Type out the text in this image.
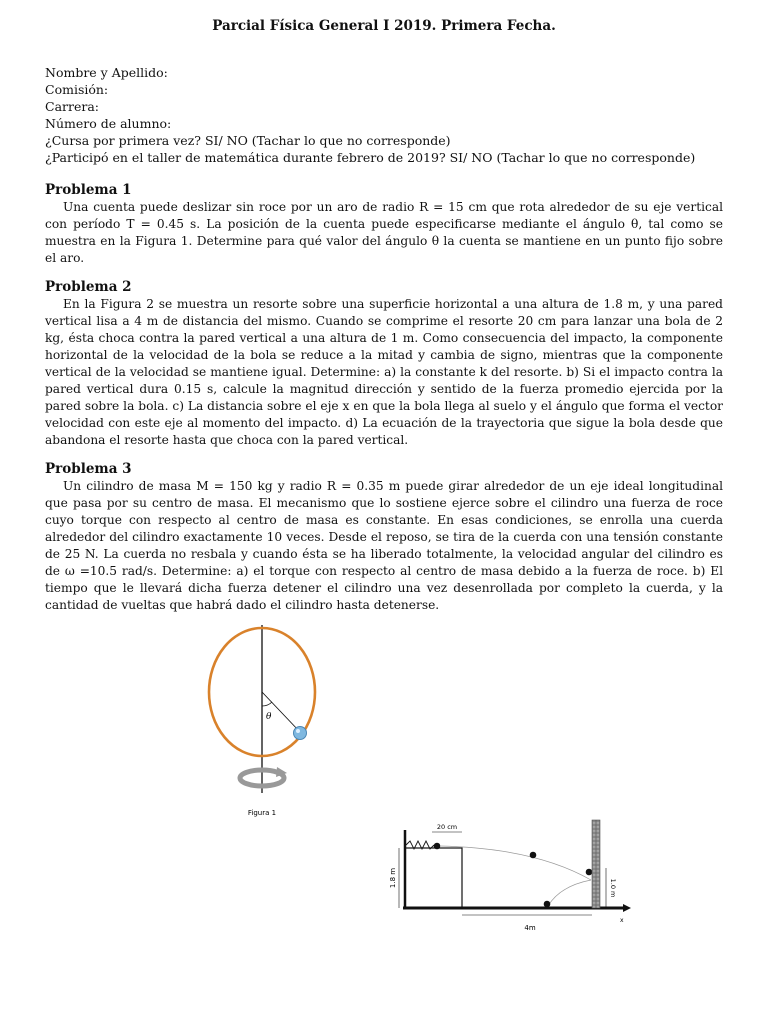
Parcial Física General I 2019. Primera Fecha.
Nombre y Apellido:
Comisión:
Carrera:
Número de alumno:
¿Cursa por primera vez? SI/ NO (Tachar lo que no corresponde)
¿Participó en el taller de matemática durante febrero de 2019? SI/ NO (Tachar lo que no corresponde)
Problema 1

Una cuenta puede deslizar sin roce por un aro de radio R = 15 cm que rota alrededor de su eje vertical con período T = 0.45 s. La posición de la cuenta puede especificarse mediante el ángulo θ, tal como se muestra en la Figura 1. Determine para qué valor del ángulo θ la cuenta se mantiene en un punto fijo sobre el aro.

Problema 2

En la Figura 2 se muestra un resorte sobre una superficie horizontal a una altura de 1.8 m, y una pared vertical lisa a 4 m de distancia del mismo. Cuando se comprime el resorte 20 cm para lanzar una bola de 2 kg, ésta choca contra la pared vertical a una altura de 1 m. Como consecuencia del impacto, la componente horizontal de la velocidad de la bola se reduce a la mitad y cambia de signo, mientras que la componente vertical de la velocidad se mantiene igual. Determine: a) la constante k del resorte. b) Si el impacto contra la pared vertical dura 0.15 s, calcule la magnitud dirección y sentido de la fuerza promedio ejercida por la pared sobre la bola. c) La distancia sobre el eje x en que la bola llega al suelo y el ángulo que forma el vector velocidad con este eje al momento del impacto. d) La ecuación de la trayectoria que sigue la bola desde que abandona el resorte hasta que choca con la pared vertical.

Problema 3

Un cilindro de masa M = 150 kg y radio R = 0.35 m puede girar alrededor de un eje ideal longitudinal que pasa por su centro de masa. El mecanismo que lo sostiene ejerce sobre el cilindro una fuerza de roce cuyo torque con respecto al centro de masa es constante. En esas condiciones, se enrolla una cuerda alrededor del cilindro exactamente 10 veces. Desde el reposo, se tira de la cuerda con una tensión constante de 25 N. La cuerda no resbala y cuando ésta se ha liberado totalmente, la velocidad angular del cilindro es de ω =10.5 rad/s. Determine: a) el torque con respecto al centro de masa debido a la fuerza de roce. b) El tiempo que le llevará dicha fuerza detener el cilindro una vez desenrollada por completo la cuerda, y la cantidad de vueltas que habrá dado el cilindro hasta detenerse.

θ
Figura 1
x
20 cm
1.8 m	1.0 m
4m
